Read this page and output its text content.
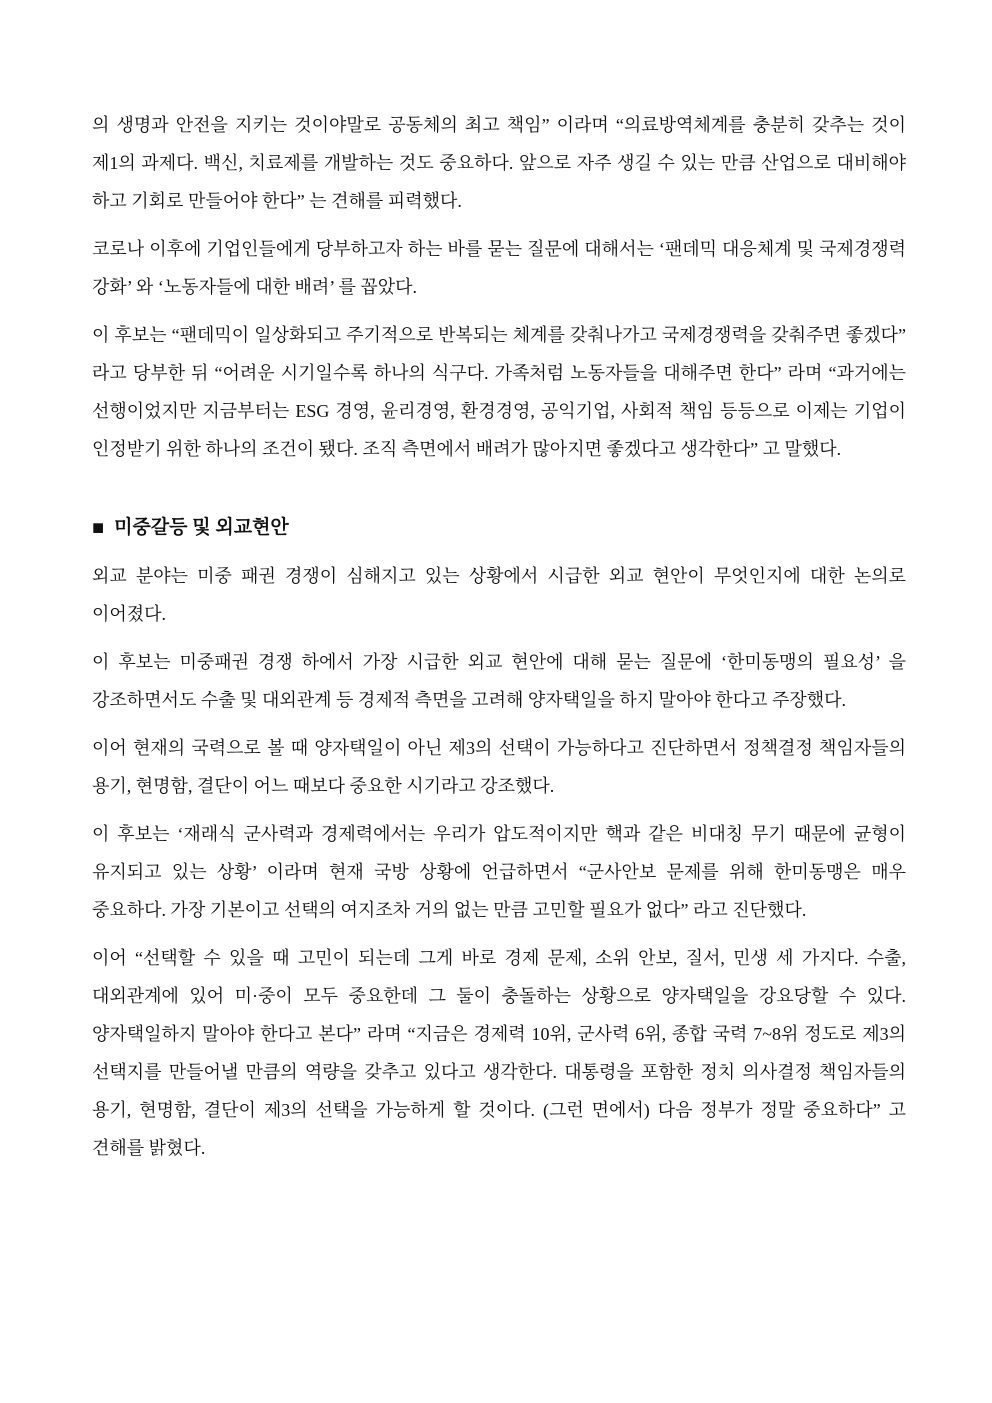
의 생명과 안전을 지키는 것이야말로 공동체의 최고 책임” 이라며 “의료방역체계를 충분히 갖추는 것이 제1의 과제다. 백신, 치료제를 개발하는 것도 중요하다. 앞으로 자주 생길 수 있는 만큼 산업으로 대비해야 하고 기회로 만들어야 한다” 는 견해를 피력했다.

코로나 이후에 기업인들에게 당부하고자 하는 바를 묻는 질문에 대해서는 ‘팬데믹 대응체계 및 국제경쟁력 강화’ 와 ‘노동자들에 대한 배려’ 를 꼽았다.

이 후보는 “팬데믹이 일상화되고 주기적으로 반복되는 체계를 갖춰나가고 국제경쟁력을 갖춰주면 좋겠다” 라고 당부한 뒤 “어려운 시기일수록 하나의 식구다. 가족처럼 노동자들을 대해주면 한다” 라며 “과거에는 선행이었지만 지금부터는 ESG 경영, 윤리경영, 환경경영, 공익기업, 사회적 책임 등등으로 이제는 기업이 인정받기 위한 하나의 조건이 됐다. 조직 측면에서 배려가 많아지면 좋겠다고 생각한다” 고 말했다.

■ 미중갈등 및 외교현안

외교 분야는 미중 패권 경쟁이 심해지고 있는 상황에서 시급한 외교 현안이 무엇인지에 대한 논의로 이어졌다.

이 후보는 미중패권 경쟁 하에서 가장 시급한 외교 현안에 대해 묻는 질문에 ‘한미동맹의 필요성’ 을 강조하면서도 수출 및 대외관계 등 경제적 측면을 고려해 양자택일을 하지 말아야 한다고 주장했다.

이어 현재의 국력으로 볼 때 양자택일이 아닌 제3의 선택이 가능하다고 진단하면서 정책결정 책임자들의 용기, 현명함, 결단이 어느 때보다 중요한 시기라고 강조했다.

이 후보는 ‘재래식 군사력과 경제력에서는 우리가 압도적이지만 핵과 같은 비대칭 무기 때문에 균형이 유지되고 있는 상황’ 이라며 현재 국방 상황에 언급하면서 “군사안보 문제를 위해 한미동맹은 매우 중요하다. 가장 기본이고 선택의 여지조차 거의 없는 만큼 고민할 필요가 없다” 라고 진단했다.

이어 “선택할 수 있을 때 고민이 되는데 그게 바로 경제 문제, 소위 안보, 질서, 민생 세 가지다. 수출, 대외관계에 있어 미·중이 모두 중요한데 그 둘이 충돌하는 상황으로 양자택일을 강요당할 수 있다. 양자택일하지 말아야 한다고 본다” 라며 “지금은 경제력 10위, 군사력 6위, 종합 국력 7~8위 정도로 제3의 선택지를 만들어낼 만큼의 역량을 갖추고 있다고 생각한다. 대통령을 포함한 정치 의사결정 책임자들의 용기, 현명함, 결단이 제3의 선택을 가능하게 할 것이다. (그런 면에서) 다음 정부가 정말 중요하다” 고 견해를 밝혔다.
